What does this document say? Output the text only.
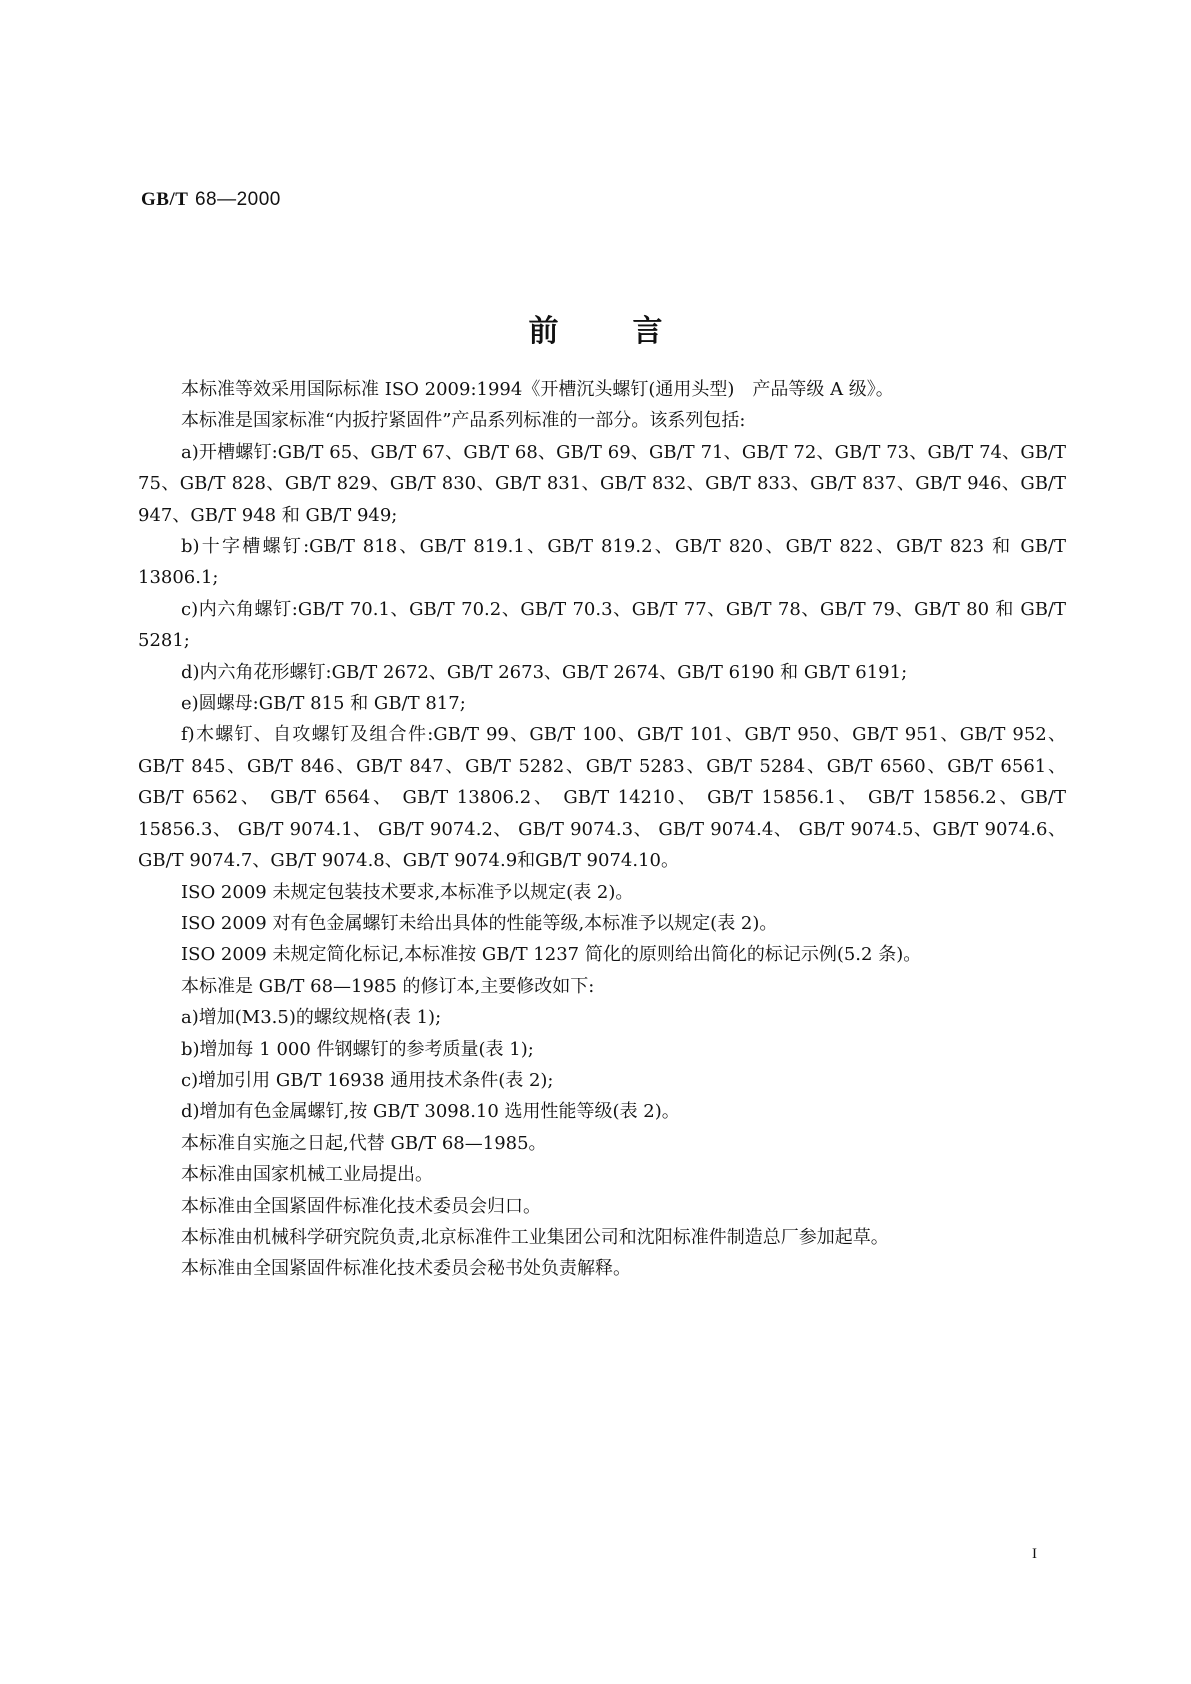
GB/T 68—2000
前言

本标准等效采用国际标准 ISO 2009:1994《开槽沉头螺钉(通用头型)　产品等级 A 级》。

本标准是国家标准“内扳拧紧固件”产品系列标准的一部分。该系列包括:

a)开槽螺钉:GB/T 65、GB/T 67、GB/T 68、GB/T 69、GB/T 71、GB/T 72、GB/T 73、GB/T 74、GB/T 75、GB/T 828、GB/T 829、GB/T 830、GB/T 831、GB/T 832、GB/T 833、GB/T 837、GB/T 946、GB/T 947、GB/T 948 和 GB/T 949;

b)十字槽螺钉:GB/T 818、GB/T 819.1、GB/T 819.2、GB/T 820、GB/T 822、GB/T 823 和 GB/T 13806.1;

c)内六角螺钉:GB/T 70.1、GB/T 70.2、GB/T 70.3、GB/T 77、GB/T 78、GB/T 79、GB/T 80 和 GB/T 5281;

d)内六角花形螺钉:GB/T 2672、GB/T 2673、GB/T 2674、GB/T 6190 和 GB/T 6191;

e)圆螺母:GB/T 815 和 GB/T 817;

f)木螺钉、自攻螺钉及组合件:GB/T 99、GB/T 100、GB/T 101、GB/T 950、GB/T 951、GB/T 952、GB/T 845、GB/T 846、GB/T 847、GB/T 5282、GB/T 5283、GB/T 5284、GB/T 6560、GB/T 6561、GB/T 6562、 GB/T 6564、 GB/T 13806.2、 GB/T 14210、 GB/T 15856.1、 GB/T 15856.2、GB/T 15856.3、 GB/T 9074.1、 GB/T 9074.2、 GB/T 9074.3、 GB/T 9074.4、 GB/T 9074.5、GB/T 9074.6、GB/T 9074.7、GB/T 9074.8、GB/T 9074.9和GB/T 9074.10。

ISO 2009 未规定包装技术要求,本标准予以规定(表 2)。

ISO 2009 对有色金属螺钉未给出具体的性能等级,本标准予以规定(表 2)。

ISO 2009 未规定简化标记,本标准按 GB/T 1237 简化的原则给出简化的标记示例(5.2 条)。

本标准是 GB/T 68—1985 的修订本,主要修改如下:

a)增加(M3.5)的螺纹规格(表 1);

b)增加每 1 000 件钢螺钉的参考质量(表 1);

c)增加引用 GB/T 16938 通用技术条件(表 2);

d)增加有色金属螺钉,按 GB/T 3098.10 选用性能等级(表 2)。

本标准自实施之日起,代替 GB/T 68—1985。

本标准由国家机械工业局提出。

本标准由全国紧固件标准化技术委员会归口。

本标准由机械科学研究院负责,北京标准件工业集团公司和沈阳标准件制造总厂参加起草。

本标准由全国紧固件标准化技术委员会秘书处负责解释。

I
